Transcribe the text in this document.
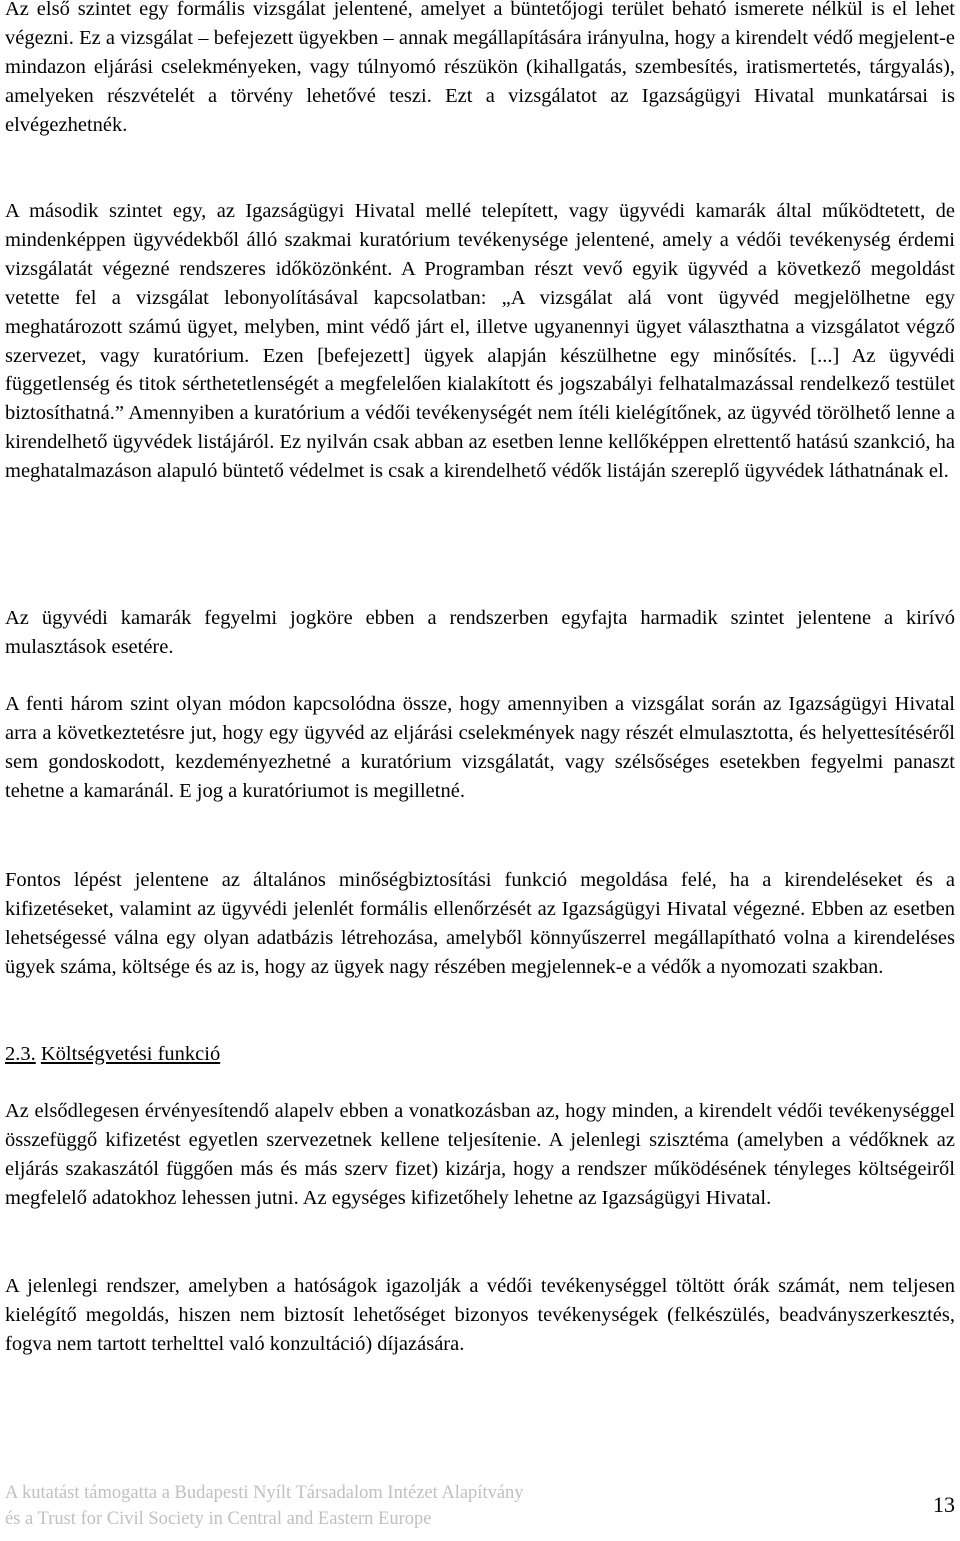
Az első szintet egy formális vizsgálat jelentené, amelyet a büntetőjogi terület beható ismerete nélkül is el lehet végezni. Ez a vizsgálat – befejezett ügyekben – annak megállapítására irányulna, hogy a kirendelt védő megjelent-e mindazon eljárási cselekményeken, vagy túlnyomó részükön (kihallgatás, szembesítés, iratismertetés, tárgyalás), amelyeken részvételét a törvény lehetővé teszi. Ezt a vizsgálatot az Igazságügyi Hivatal munkatársai is elvégezhetnék.

A második szintet egy, az Igazságügyi Hivatal mellé telepített, vagy ügyvédi kamarák által működtetett, de mindenképpen ügyvédekből álló szakmai kuratórium tevékenysége jelentené, amely a védői tevékenység érdemi vizsgálatát végezné rendszeres időközönként. A Programban részt vevő egyik ügyvéd a következő megoldást vetette fel a vizsgálat lebonyolításával kapcsolatban: „A vizsgálat alá vont ügyvéd megjelölhetne egy meghatározott számú ügyet, melyben, mint védő járt el, illetve ugyanennyi ügyet választhatna a vizsgálatot végző szervezet, vagy kuratórium. Ezen [befejezett] ügyek alapján készülhetne egy minősítés. [...] Az ügyvédi függetlenség és titok sérthetetlenségét a megfelelően kialakított és jogszabályi felhatalmazással rendelkező testület biztosíthatná.” Amennyiben a kuratórium a védői tevékenységét nem ítéli kielégítőnek, az ügyvéd törölhető lenne a kirendelhető ügyvédek listájáról. Ez nyilván csak abban az esetben lenne kellőképpen elrettentő hatású szankció, ha meghatalmazáson alapuló büntető védelmet is csak a kirendelhető védők listáján szereplő ügyvédek láthatnának el.

Az ügyvédi kamarák fegyelmi jogköre ebben a rendszerben egyfajta harmadik szintet jelentene a kirívó mulasztások esetére.

A fenti három szint olyan módon kapcsolódna össze, hogy amennyiben a vizsgálat során az Igazságügyi Hivatal arra a következtetésre jut, hogy egy ügyvéd az eljárási cselekmények nagy részét elmulasztotta, és helyettesítéséről sem gondoskodott, kezdeményezhetné a kuratórium vizsgálatát, vagy szélsőséges esetekben fegyelmi panaszt tehetne a kamaránál. E jog a kuratóriumot is megilletné.

Fontos lépést jelentene az általános minőségbiztosítási funkció megoldása felé, ha a kirendeléseket és a kifizetéseket, valamint az ügyvédi jelenlét formális ellenőrzését az Igazságügyi Hivatal végezné. Ebben az esetben lehetségessé válna egy olyan adatbázis létrehozása, amelyből könnyűszerrel megállapítható volna a kirendeléses ügyek száma, költsége és az is, hogy az ügyek nagy részében megjelennek-e a védők a nyomozati szakban.

2.3. Költségvetési funkció

Az elsődlegesen érvényesítendő alapelv ebben a vonatkozásban az, hogy minden, a kirendelt védői tevékenységgel összefüggő kifizetést egyetlen szervezetnek kellene teljesítenie. A jelenlegi szisztéma (amelyben a védőknek az eljárás szakaszától függően más és más szerv fizet) kizárja, hogy a rendszer működésének tényleges költségeiről megfelelő adatokhoz lehessen jutni. Az egységes kifizetőhely lehetne az Igazságügyi Hivatal.

A jelenlegi rendszer, amelyben a hatóságok igazolják a védői tevékenységgel töltött órák számát, nem teljesen kielégítő megoldás, hiszen nem biztosít lehetőséget bizonyos tevékenységek (felkészülés, beadványszerkesztés, fogva nem tartott terhelttel való konzultáció) díjazására.

A kutatást támogatta a Budapesti Nyílt Társadalom Intézet Alapítvány
és a Trust for Civil Society in Central and Eastern Europe
13
